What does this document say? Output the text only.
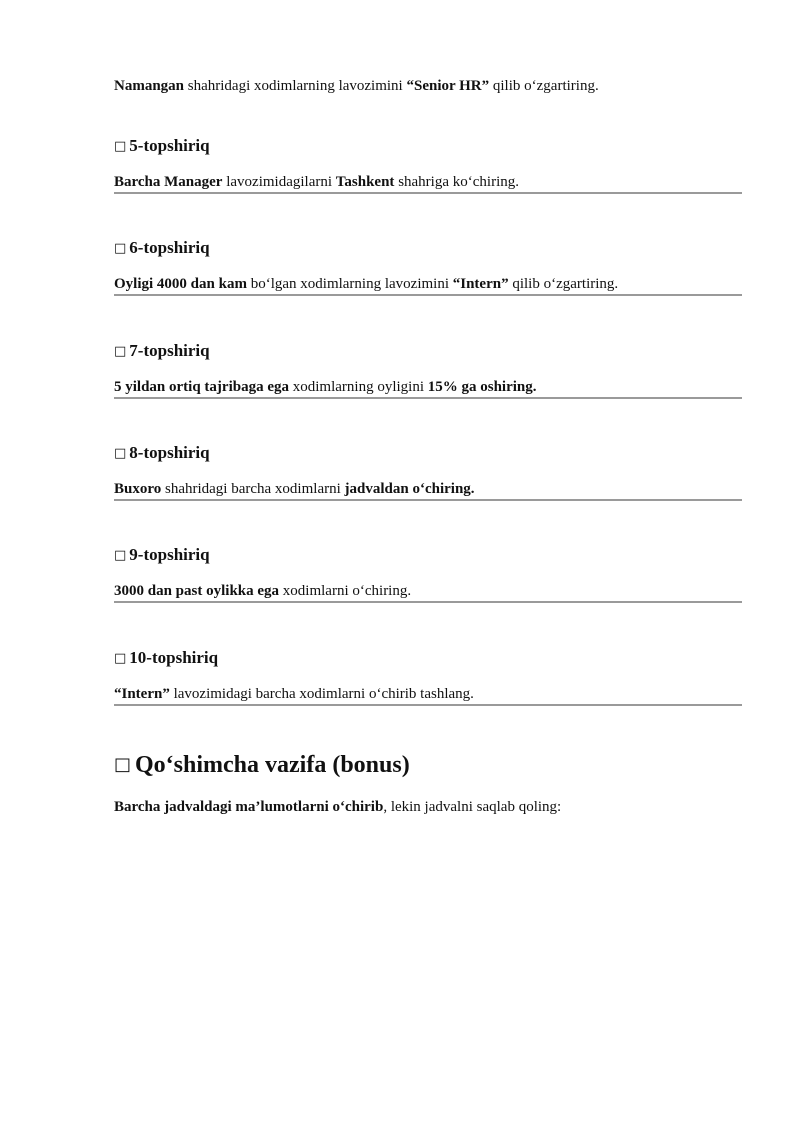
Namangan shahridagi xodimlarning lavozimini “Senior HR” qilib o‘zgartiring.
□ 5-topshiriq
Barcha Manager lavozimidagilarni Tashkent shahriga ko‘chiring.
□ 6-topshiriq
Oyligi 4000 dan kam bo‘lgan xodimlarning lavozimini “Intern” qilib o‘zgartiring.
□ 7-topshiriq
5 yildan ortiq tajribaga ega xodimlarning oyligini 15% ga oshiring.
□ 8-topshiriq
Buxoro shahridagi barcha xodimlarni jadvaldan o‘chiring.
□ 9-topshiriq
3000 dan past oylikka ega xodimlarni o‘chiring.
□ 10-topshiriq
“Intern” lavozimidagi barcha xodimlarni o‘chirib tashlang.
□ Qo‘shimcha vazifa (bonus)
Barcha jadvaldagi ma’lumotlarni o‘chirib, lekin jadvalni saqlab qoling:
